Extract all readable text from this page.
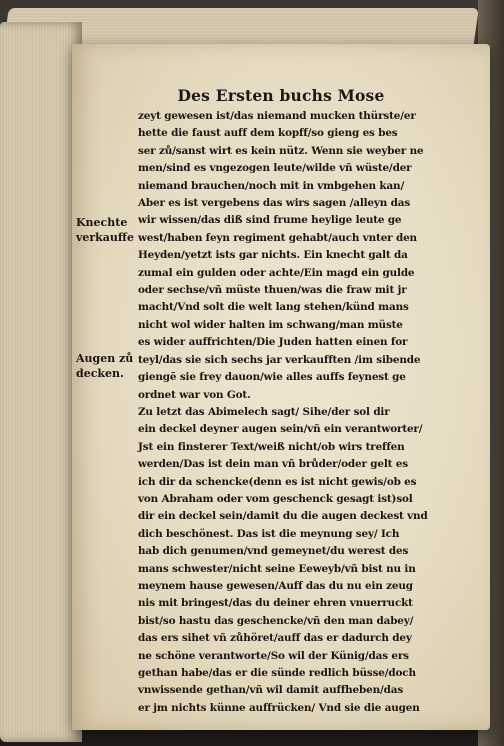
Des Ersten buchs Mose
Knechte
verkauffe
Augen zů
decken.
zeyt gewesen ist/das niemand mucken thürste/er
hette die faust auff dem kopff/so gieng es bes
ser zů/sanst wirt es kein nütz. Wenn sie weyber ne
men/sind es vngezogen leute/wilde vñ wüste/der
niemand brauchen/noch mit in vmbgehen kan/
Aber es ist vergebens das wirs sagen /alleyn das
wir wissen/das diß sind frume heylige leute ge
west/haben feyn regiment gehabt/auch vnter den
Heyden/yetzt ists gar nichts. Ein knecht galt da
zumal ein gulden oder achte/Ein magd ein gulde
oder sechse/vñ müste thuen/was die fraw mit jr
macht/Vnd solt die welt lang stehen/künd mans
nicht wol wider halten im schwang/man müste
es wider auffrichten/Die Juden hatten einen for
teyl/das sie sich sechs jar verkaufften /im sibende
giengē sie frey dauon/wie alles auffs feynest ge
ordnet war von Got.
Zu letzt das Abimelech sagt/ Sihe/der sol dir
ein deckel deyner augen sein/vñ ein verantworter/
Jst ein finsterer Text/weiß nicht/ob wirs treffen
werden/Das ist dein man vñ brůder/oder gelt es
ich dir da schencke(denn es ist nicht gewis/ob es
von Abraham oder vom geschenck gesagt ist)sol
dir ein deckel sein/damit du die augen deckest vnd
dich beschönest. Das ist die meynung sey/ Ich
hab dich genumen/vnd gemeynet/du werest des
mans schwester/nicht seine Eeweyb/vñ bist nu in
meynem hause gewesen/Auff das du nu ein zeug
nis mit bringest/das du deiner ehren vnuerruckt
bist/so hastu das geschencke/vñ den man dabey/
das ers sihet vñ zůhöret/auff das er dadurch dey
ne schöne verantworte/So wil der Künig/das ers
gethan habe/das er die sünde redlich büsse/doch
vnwissende gethan/vñ wil damit auffheben/das
er jm nichts künne auffrücken/ Vnd sie die augen
